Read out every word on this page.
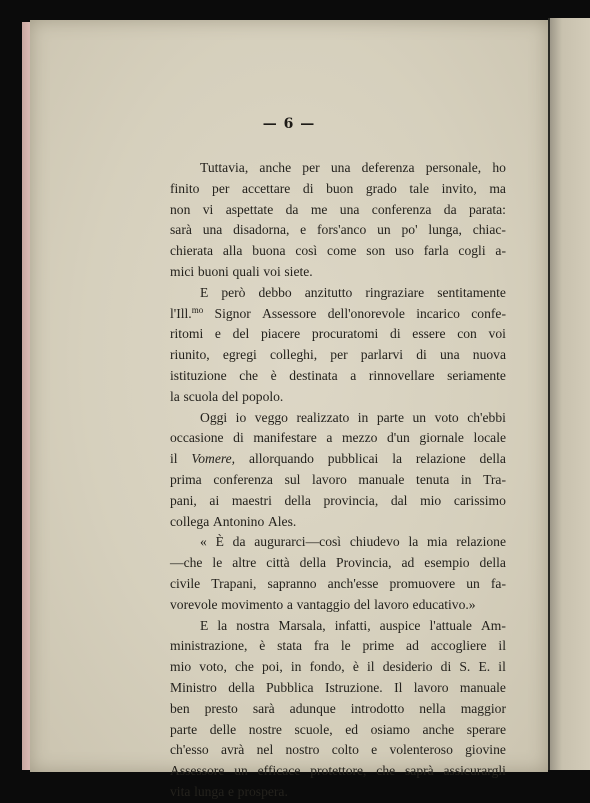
— 6 —
Tuttavia, anche per una deferenza personale, ho
finito per accettare di buon grado tale invito, ma
non vi aspettate da me una conferenza da parata:
sarà una disadorna, e fors'anco un po' lunga, chiac-
chierata alla buona così come son uso farla cogli a-
mici buoni quali voi siete.
E però debbo anzitutto ringraziare sentitamente
l'Ill.$^{mo}$ Signor Assessore dell'onorevole incarico confe-
ritomi e del piacere procuratomi di essere con voi
riunito, egregi colleghi, per parlarvi di una nuova
istituzione che è destinata a rinnovellare seriamente
la scuola del popolo.
Oggi io veggo realizzato in parte un voto ch'ebbi
occasione di manifestare a mezzo d'un giornale locale
il Vomere, allorquando pubblicai la relazione della
prima conferenza sul lavoro manuale tenuta in Tra-
pani, ai maestri della provincia, dal mio carissimo
collega Antonino Ales.
« È da augurarci—così chiudevo la mia relazione
—che le altre città della Provincia, ad esempio della
civile Trapani, sapranno anch'esse promuovere un fa-
vorevole movimento a vantaggio del lavoro educativo.»
E la nostra Marsala, infatti, auspice l'attuale Am-
ministrazione, è stata fra le prime ad accogliere il
mio voto, che poi, in fondo, è il desiderio di S. E. il
Ministro della Pubblica Istruzione. Il lavoro manuale
ben presto sarà adunque introdotto nella maggior
parte delle nostre scuole, ed osiamo anche sperare
ch'esso avrà nel nostro colto e volenteroso giovine
Assessore un efficace protettore, che saprà assicurargli
vita lunga e prospera.
